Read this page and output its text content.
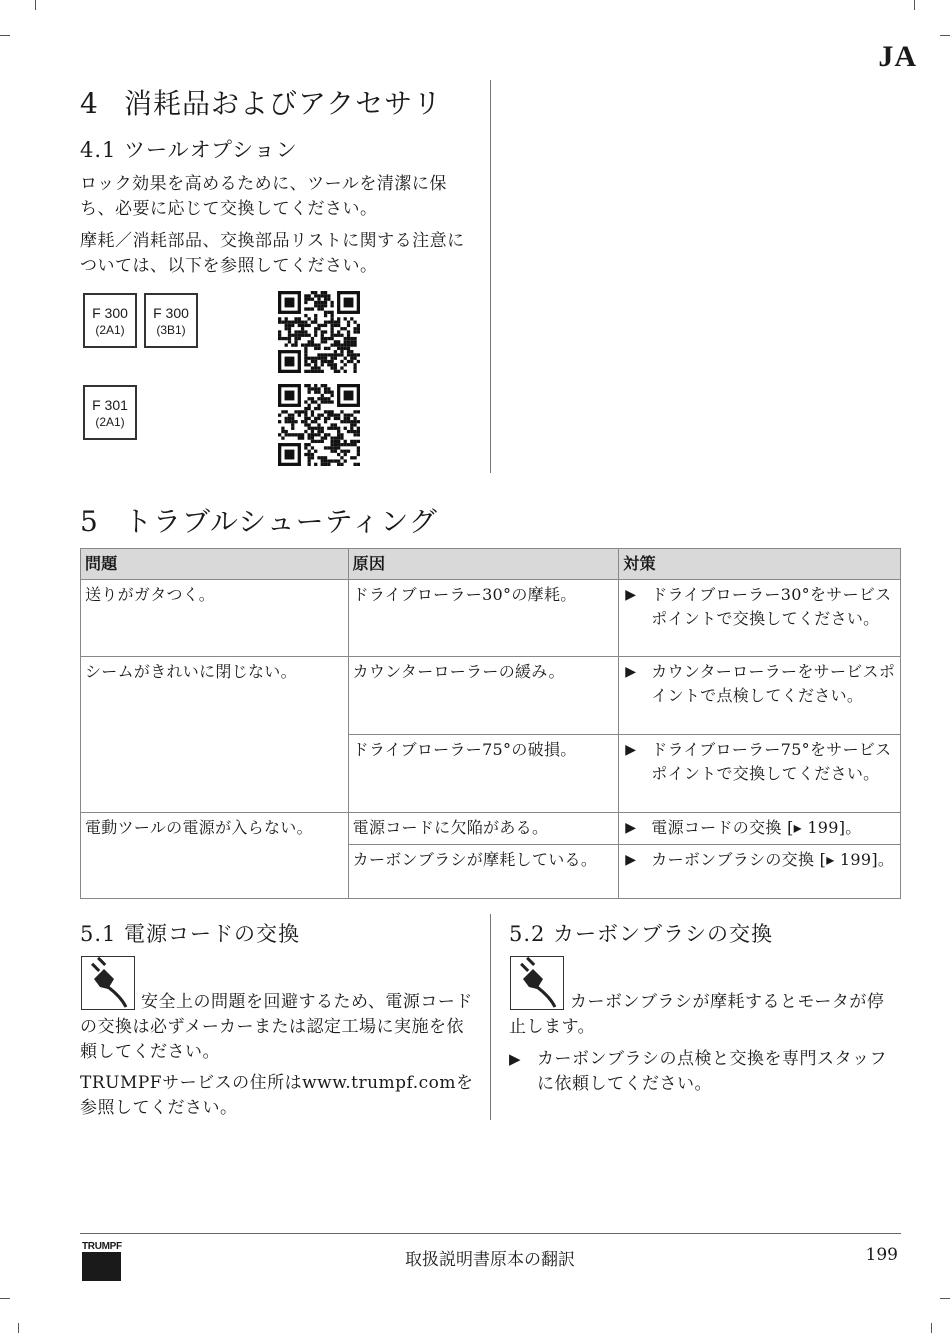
JA
4 消耗品およびアクセサリ
4.1 ツールオプション

ロック効果を高めるために、ツールを清潔に保ち、必要に応じて交換してください。

摩耗／消耗部品、交換部品リストに関する注意については、以下を参照してください。

F 300
(2A1)
F 300
(3B1)
F 301
(2A1)
5 トラブルシューティング
問題	原因	対策
送りがガタつく。	ドライブローラー30°の摩耗。	▶ ドライブローラー30°をサービスポイントで交換してください。

シームがきれいに閉じない。	カウンターローラーの緩み。	▶ カウンターローラーをサービスポイントで点検してください。

	ドライブローラー75°の破損。	▶ ドライブローラー75°をサービスポイントで交換してください。

電動ツールの電源が入らない。	電源コードに欠陥がある。	▶ 電源コードの交換 [▸ 199]。

	カーボンブラシが摩耗している。	▶ カーボンブラシの交換 [▸ 199]。
5.1 電源コードの交換

安全上の問題を回避するため、電源コードの交換は必ずメーカーまたは認定工場に実施を依頼してください。

TRUMPFサービスの住所はwww.trumpf.comを参照してください。

5.2 カーボンブラシの交換

カーボンブラシが摩耗するとモータが停止します。

▶ カーボンブラシの点検と交換を専門スタッフに依頼してください。
TRUMPF
取扱説明書原本の翻訳	199
